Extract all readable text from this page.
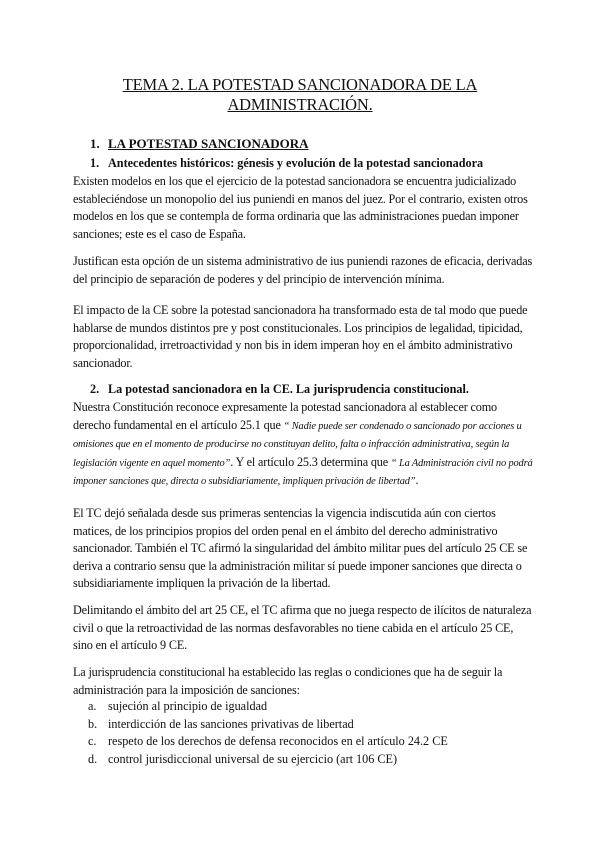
TEMA 2. LA POTESTAD SANCIONADORA DE LA
ADMINISTRACIÓN.
1. LA POTESTAD SANCIONADORA
1. Antecedentes históricos: génesis y evolución de la potestad sancionadora

Existen modelos en los que el ejercicio de la potestad sancionadora se encuentra judicializado estableciéndose un monopolio del ius puniendi en manos del juez. Por el contrario, existen otros modelos en los que se contempla de forma ordinaria que las administraciones puedan imponer sanciones; este es el caso de España.

Justifican esta opción de un sistema administrativo de ius puniendi razones de eficacia, derivadas del principio de separación de poderes y del principio de intervención mínima.

El impacto de la CE sobre la potestad sancionadora ha transformado esta de tal modo que puede hablarse de mundos distintos pre y post constitucionales. Los principios de legalidad, tipicidad, proporcionalidad, irretroactividad y non bis in idem imperan hoy en el ámbito administrativo sancionador.

2. La potestad sancionadora en la CE. La jurisprudencia constitucional.

Nuestra Constitución reconoce expresamente la potestad sancionadora al establecer como derecho fundamental en el artículo 25.1 que “ Nadie puede ser condenado o sancionado por acciones u omisiones que en el momento de producirse no constituyan delito, falta o infracción administrativa, según la legislación vigente en aquel momento”. Y el artículo 25.3 determina que “ La Administración civil no podrá imponer sanciones que, directa o subsidiariamente, impliquen privación de libertad”.

El TC dejó señalada desde sus primeras sentencias la vigencia indiscutida aún con ciertos matices, de los principios propios del orden penal en el ámbito del derecho administrativo sancionador. También el TC afirmó la singularidad del ámbito militar pues del artículo 25 CE se deriva a contrario sensu que la administración militar sí puede imponer sanciones que directa o subsidiariamente impliquen la privación de la libertad.

Delimitando el ámbito del art 25 CE, el TC afirma que no juega respecto de ilícitos de naturaleza civil o que la retroactividad de las normas desfavorables no tiene cabida en el artículo 25 CE, sino en el artículo 9 CE.

La jurisprudencia constitucional ha establecido las reglas o condiciones que ha de seguir la administración para la imposición de sanciones:

a. sujeción al principio de igualdad
b. interdicción de las sanciones privativas de libertad
c. respeto de los derechos de defensa reconocidos en el artículo 24.2 CE
d. control jurisdiccional universal de su ejercicio (art 106 CE)
